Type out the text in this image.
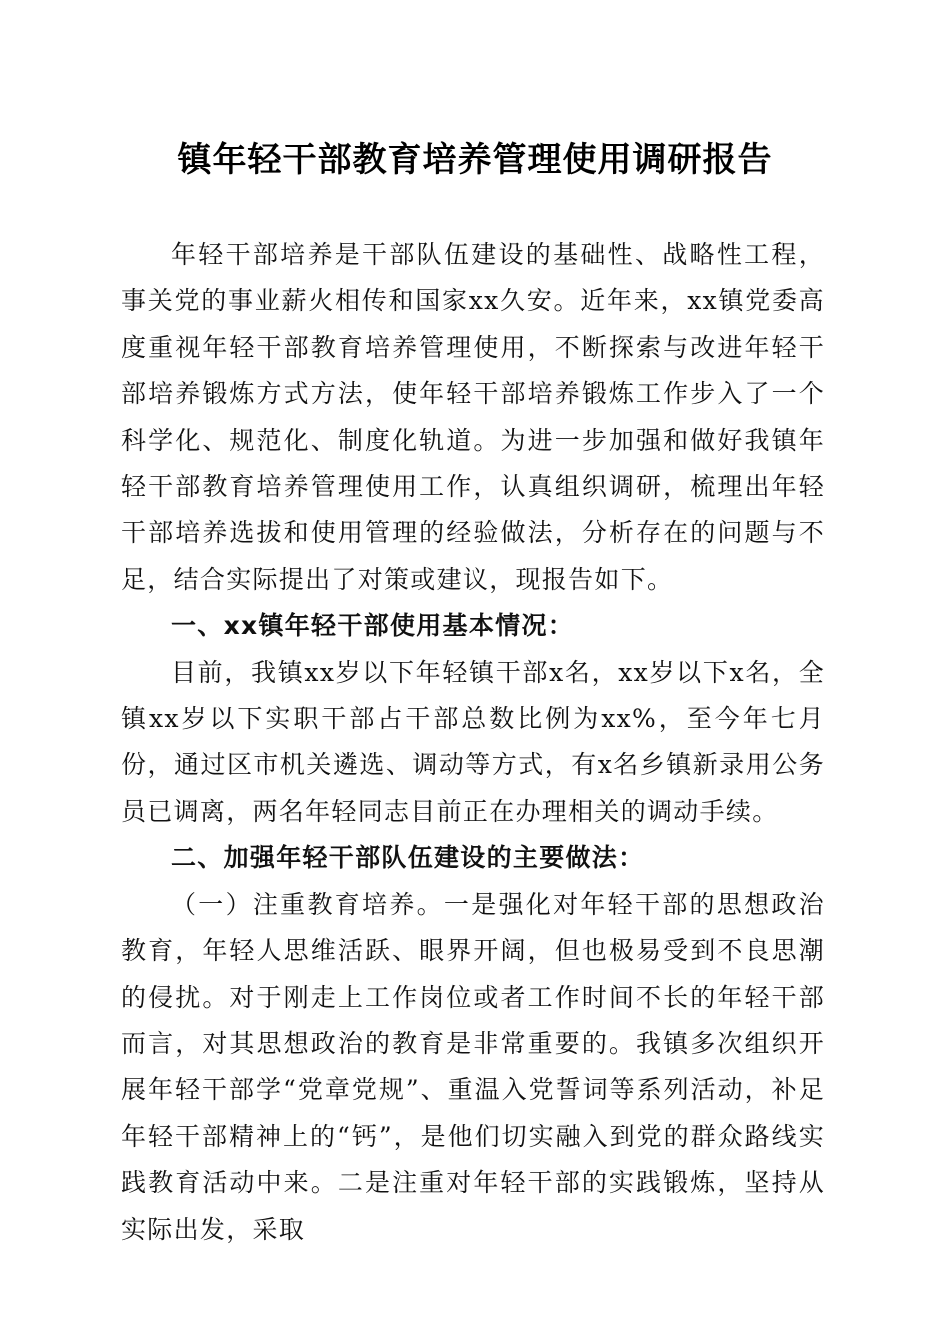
镇年轻干部教育培养管理使用调研报告

年轻干部培养是干部队伍建设的基础性、战略性工程，事关党的事业薪火相传和国家xx久安。近年来，xx镇党委高度重视年轻干部教育培养管理使用，不断探索与改进年轻干部培养锻炼方式方法，使年轻干部培养锻炼工作步入了一个科学化、规范化、制度化轨道。为进一步加强和做好我镇年轻干部教育培养管理使用工作，认真组织调研，梳理出年轻干部培养选拔和使用管理的经验做法，分析存在的问题与不足，结合实际提出了对策或建议，现报告如下。

一、xx镇年轻干部使用基本情况：

目前，我镇xx岁以下年轻镇干部x名，xx岁以下x名，全镇xx岁以下实职干部占干部总数比例为xx%，至今年七月份，通过区市机关遴选、调动等方式，有x名乡镇新录用公务员已调离，两名年轻同志目前正在办理相关的调动手续。

二、加强年轻干部队伍建设的主要做法：

（一）注重教育培养。一是强化对年轻干部的思想政治教育，年轻人思维活跃、眼界开阔，但也极易受到不良思潮的侵扰。对于刚走上工作岗位或者工作时间不长的年轻干部而言，对其思想政治的教育是非常重要的。我镇多次组织开展年轻干部学“党章党规”、重温入党誓词等系列活动，补足年轻干部精神上的“钙”，是他们切实融入到党的群众路线实践教育活动中来。二是注重对年轻干部的实践锻炼，坚持从实际出发，采取
